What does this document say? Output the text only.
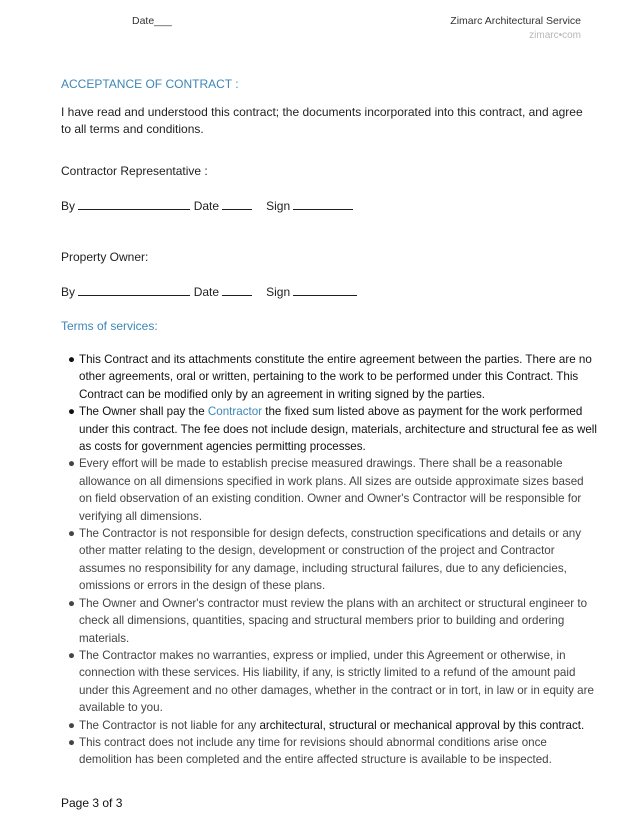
Date___	Zimarc Architectural Service
zimarc•com
ACCEPTANCE OF CONTRACT :
I have read and understood this contract; the documents incorporated into this contract, and agree to all terms and conditions.
Contractor Representative :
By	Date	Sign
Property Owner:
By	Date	Sign
Terms of services:
● This Contract and its attachments constitute the entire agreement between the parties. There are no other agreements, oral or written, pertaining to the work to be performed under this Contract. This Contract can be modified only by an agreement in writing signed by the parties.
● The Owner shall pay the Contractor the fixed sum listed above as payment for the work performed under this contract. The fee does not include design, materials, architecture and structural fee as well as costs for government agencies permitting processes.
● Every effort will be made to establish precise measured drawings. There shall be a reasonable allowance on all dimensions specified in work plans. All sizes are outside approximate sizes based on field observation of an existing condition. Owner and Owner's Contractor will be responsible for verifying all dimensions.
● The Contractor is not responsible for design defects, construction specifications and details or any other matter relating to the design, development or construction of the project and Contractor assumes no responsibility for any damage, including structural failures, due to any deficiencies, omissions or errors in the design of these plans.
● The Owner and Owner's contractor must review the plans with an architect or structural engineer to check all dimensions, quantities, spacing and structural members prior to building and ordering materials.
● The Contractor makes no warranties, express or implied, under this Agreement or otherwise, in connection with these services. His liability, if any, is strictly limited to a refund of the amount paid under this Agreement and no other damages, whether in the contract or in tort, in law or in equity are available to you.
● The Contractor is not liable for any architectural, structural or mechanical approval by this contract.
● This contract does not include any time for revisions should abnormal conditions arise once demolition has been completed and the entire affected structure is available to be inspected.
Page 3 of 3
